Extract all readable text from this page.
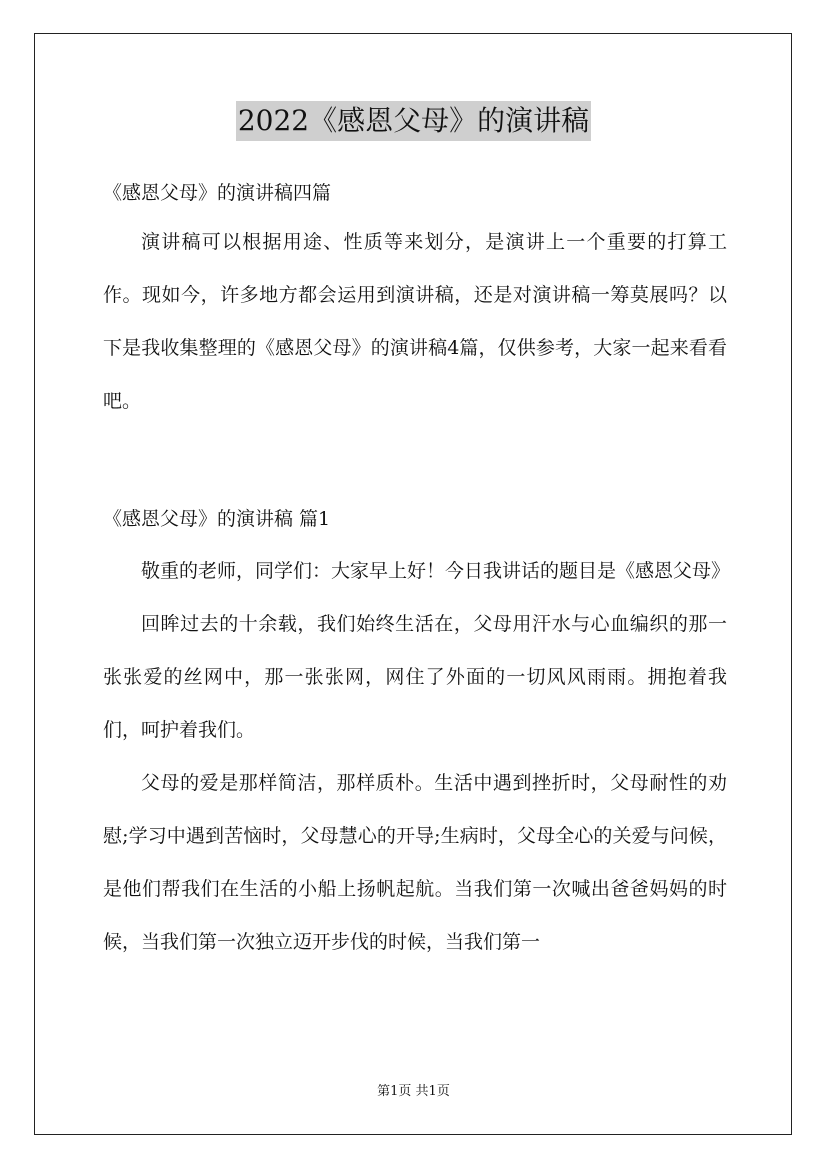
2022《感恩父母》的演讲稿
《感恩父母》的演讲稿四篇

演讲稿可以根据用途、性质等来划分，是演讲上一个重要的打算工作。现如今，许多地方都会运用到演讲稿，还是对演讲稿一筹莫展吗？以下是我收集整理的《感恩父母》的演讲稿4篇，仅供参考，大家一起来看看吧。

《感恩父母》的演讲稿 篇1

敬重的老师，同学们：大家早上好！今日我讲话的题目是《感恩父母》

回眸过去的十余载，我们始终生活在，父母用汗水与心血编织的那一张张爱的丝网中，那一张张网，网住了外面的一切风风雨雨。拥抱着我们，呵护着我们。

父母的爱是那样简洁，那样质朴。生活中遇到挫折时，父母耐性的劝慰;学习中遇到苦恼时，父母慧心的开导;生病时，父母全心的关爱与问候，是他们帮我们在生活的小船上扬帆起航。当我们第一次喊出爸爸妈妈的时候，当我们第一次独立迈开步伐的时候，当我们第一

第1页 共1页
